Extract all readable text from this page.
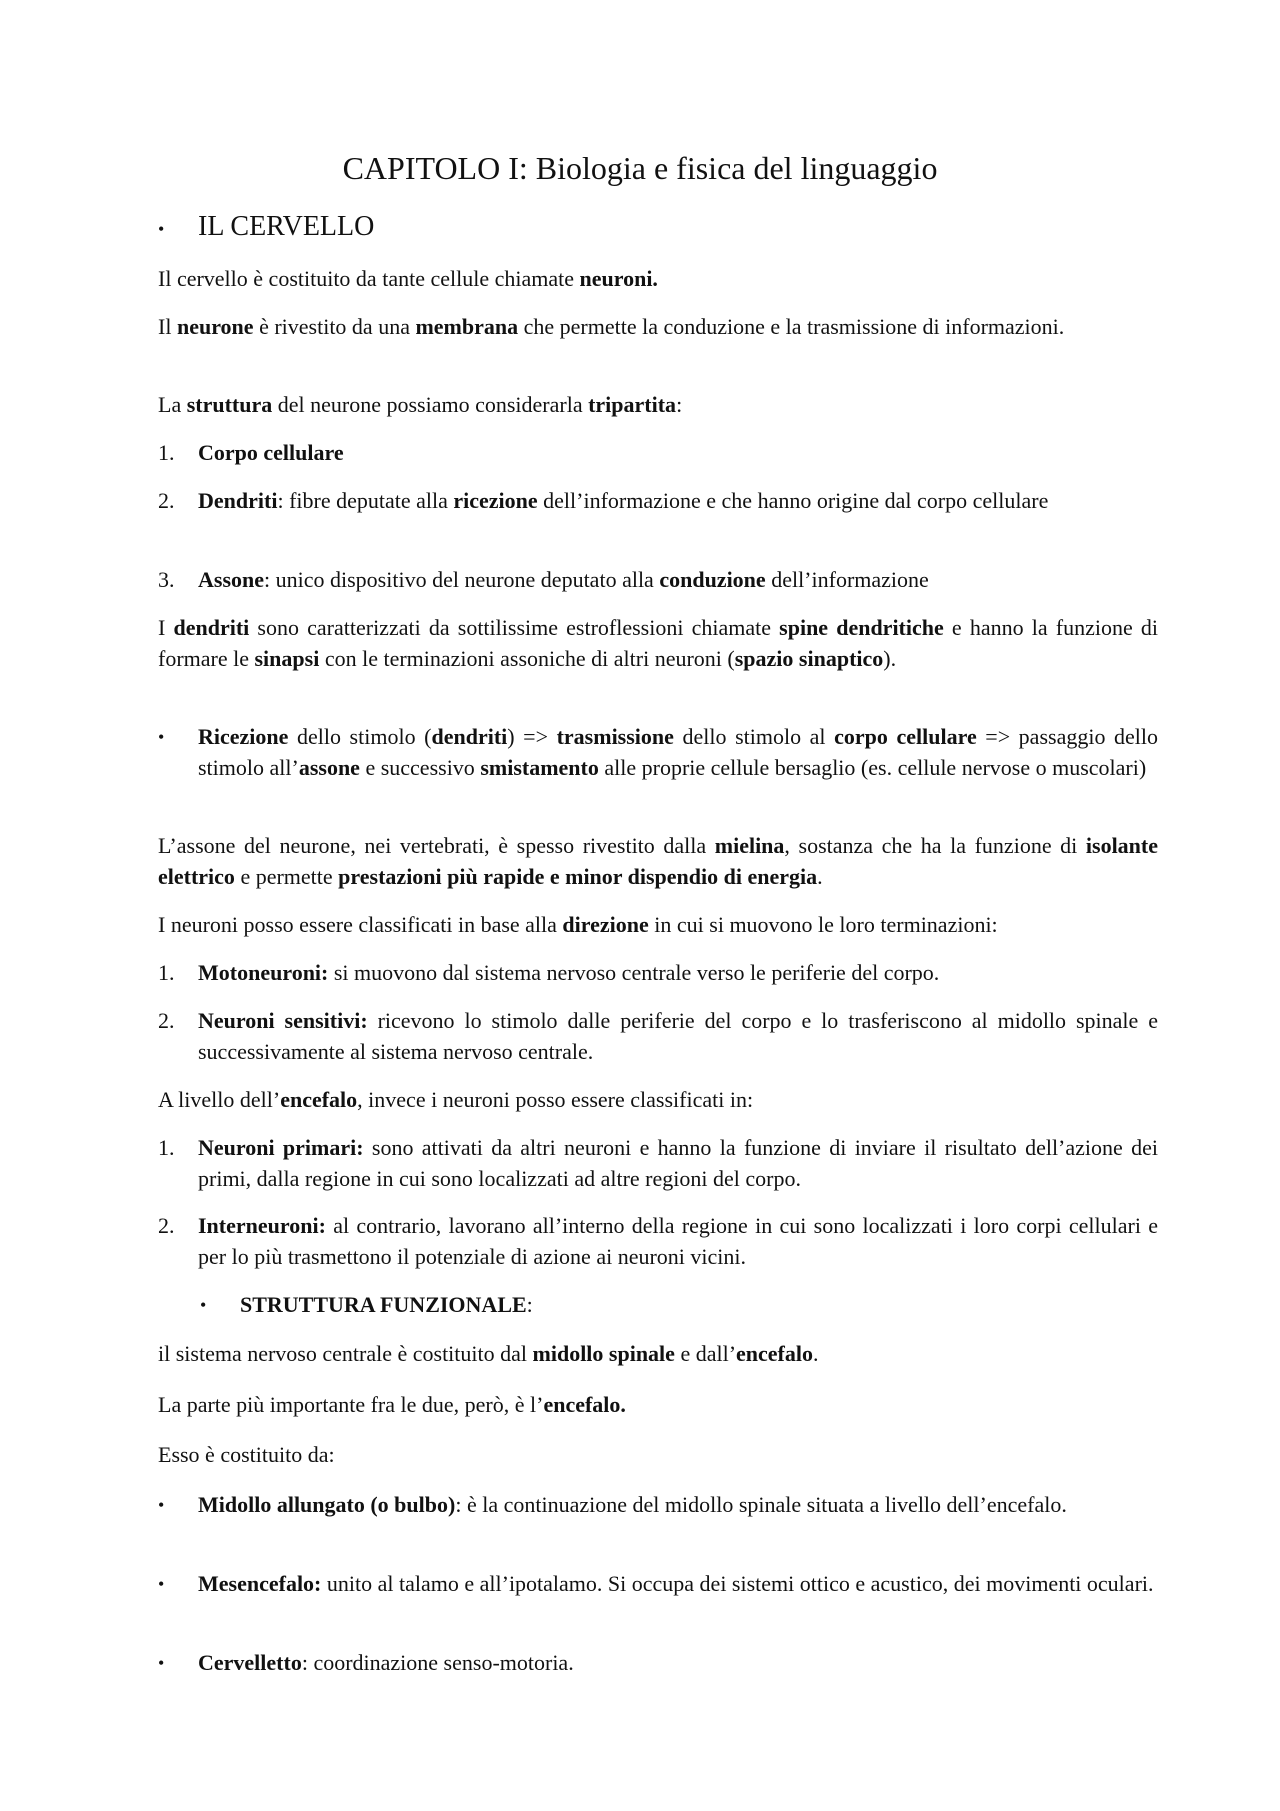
CAPITOLO I: Biologia e fisica del linguaggio
• IL CERVELLO
Il cervello è costituito da tante cellule chiamate neuroni.
Il neurone è rivestito da una membrana che permette la conduzione e la trasmissione di informazioni.
La struttura del neurone possiamo considerarla tripartita:
1. Corpo cellulare
2. Dendriti: fibre deputate alla ricezione dell’informazione e che hanno origine dal corpo cellulare
3. Assone: unico dispositivo del neurone deputato alla conduzione dell’informazione
I dendriti sono caratterizzati da sottilissime estroflessioni chiamate spine dendritiche e hanno la funzione di formare le sinapsi con le terminazioni assoniche di altri neuroni (spazio sinaptico).
• Ricezione dello stimolo (dendriti) => trasmissione dello stimolo al corpo cellulare => passaggio dello stimolo all’assone e successivo smistamento alle proprie cellule bersaglio (es. cellule nervose o muscolari)
L’assone del neurone, nei vertebrati, è spesso rivestito dalla mielina, sostanza che ha la funzione di isolante elettrico e permette prestazioni più rapide e minor dispendio di energia.
I neuroni posso essere classificati in base alla direzione in cui si muovono le loro terminazioni:
1. Motoneuroni: si muovono dal sistema nervoso centrale verso le periferie del corpo.
2. Neuroni sensitivi: ricevono lo stimolo dalle periferie del corpo e lo trasferiscono al midollo spinale e successivamente al sistema nervoso centrale.
A livello dell’encefalo, invece i neuroni posso essere classificati in:
1. Neuroni primari: sono attivati da altri neuroni e hanno la funzione di inviare il risultato dell’azione dei primi, dalla regione in cui sono localizzati ad altre regioni del corpo.
2. Interneuroni: al contrario, lavorano all’interno della regione in cui sono localizzati i loro corpi cellulari e per lo più trasmettono il potenziale di azione ai neuroni vicini.
• STRUTTURA FUNZIONALE:
il sistema nervoso centrale è costituito dal midollo spinale e dall’encefalo.
La parte più importante fra le due, però, è l’encefalo.
Esso è costituito da:
• Midollo allungato (o bulbo): è la continuazione del midollo spinale situata a livello dell’encefalo.
• Mesencefalo: unito al talamo e all’ipotalamo. Si occupa dei sistemi ottico e acustico, dei movimenti oculari.
• Cervelletto: coordinazione senso-motoria.
